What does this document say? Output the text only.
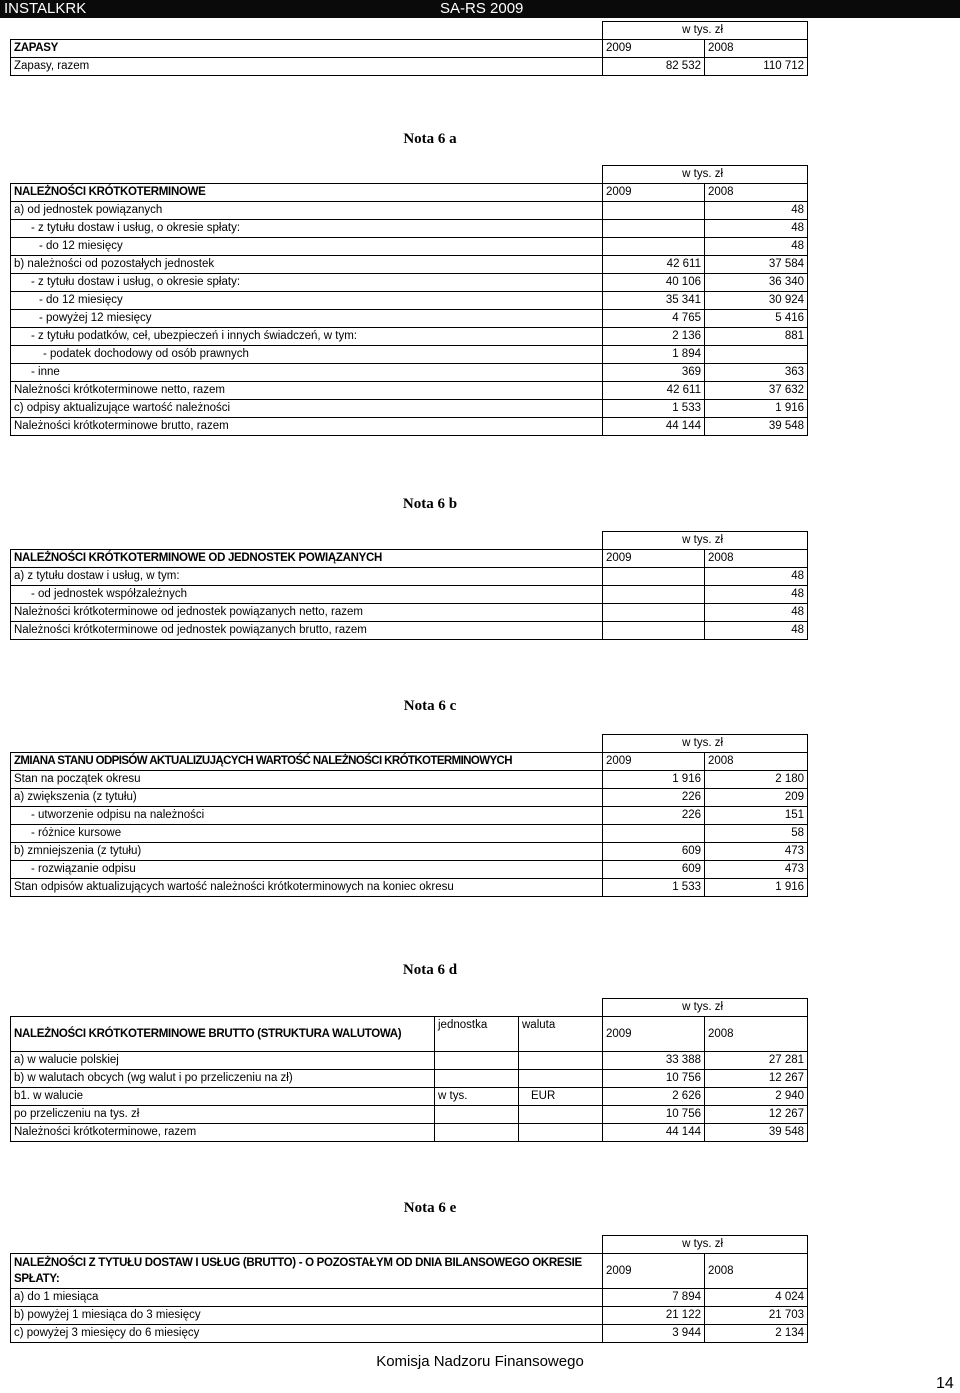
INSTALKRK	SA-RS 2009
	w tys. zł	
ZAPASY	2009	2008
Zapasy, razem	82 532	110 712
Nota 6 a
	w tys. zł	
NALEŻNOŚCI KRÓTKOTERMINOWE	2009	2008
a) od jednostek powiązanych		48
- z tytułu dostaw i usług, o okresie spłaty:		48
- do 12 miesięcy		48
b) należności od pozostałych jednostek	42 611	37 584
- z tytułu dostaw i usług, o okresie spłaty:	40 106	36 340
- do 12 miesięcy	35 341	30 924
- powyżej 12 miesięcy	4 765	5 416
- z tytułu podatków, ceł, ubezpieczeń i innych świadczeń, w tym:	2 136	881
- podatek dochodowy od osób prawnych	1 894	
- inne	369	363
Należności krótkoterminowe netto, razem	42 611	37 632
c) odpisy aktualizujące wartość należności	1 533	1 916
Należności krótkoterminowe brutto, razem	44 144	39 548
Nota 6 b
	w tys. zł	
NALEŻNOŚCI KRÓTKOTERMINOWE OD JEDNOSTEK POWIĄZANYCH	2009	2008
a) z tytułu dostaw i usług, w tym:		48
- od jednostek współzależnych		48
Należności krótkoterminowe od jednostek powiązanych netto, razem		48
Należności krótkoterminowe od jednostek powiązanych brutto, razem		48
Nota 6 c
	w tys. zł	
ZMIANA STANU ODPISÓW AKTUALIZUJĄCYCH WARTOŚĆ NALEŻNOŚCI KRÓTKOTERMINOWYCH	2009	2008
Stan na początek okresu	1 916	2 180
a) zwiększenia (z tytułu)	226	209
- utworzenie odpisu na należności	226	151
- różnice kursowe		58
b) zmniejszenia (z tytułu)	609	473
- rozwiązanie odpisu	609	473
Stan odpisów aktualizujących wartość należności krótkoterminowych na koniec okresu	1 533	1 916
Nota 6 d
			w tys. zł	
NALEŻNOŚCI KRÓTKOTERMINOWE BRUTTO (STRUKTURA WALUTOWA)	jednostka	waluta	2009	2008
a) w walucie polskiej			33 388	27 281
b) w walutach obcych (wg walut i po przeliczeniu na zł)			10 756	12 267
b1. w walucie	w tys.	EUR	2 626	2 940
po przeliczeniu na tys. zł			10 756	12 267
Należności krótkoterminowe, razem			44 144	39 548
Nota 6 e
	w tys. zł	
NALEŻNOŚCI Z TYTUŁU DOSTAW I USŁUG (BRUTTO) - O POZOSTAŁYM OD DNIA BILANSOWEGO OKRESIE SPŁATY:	2009	2008
a) do 1 miesiąca	7 894	4 024
b) powyżej 1 miesiąca do 3 miesięcy	21 122	21 703
c) powyżej 3 miesięcy do 6 miesięcy	3 944	2 134
Komisja Nadzoru Finansowego
14
